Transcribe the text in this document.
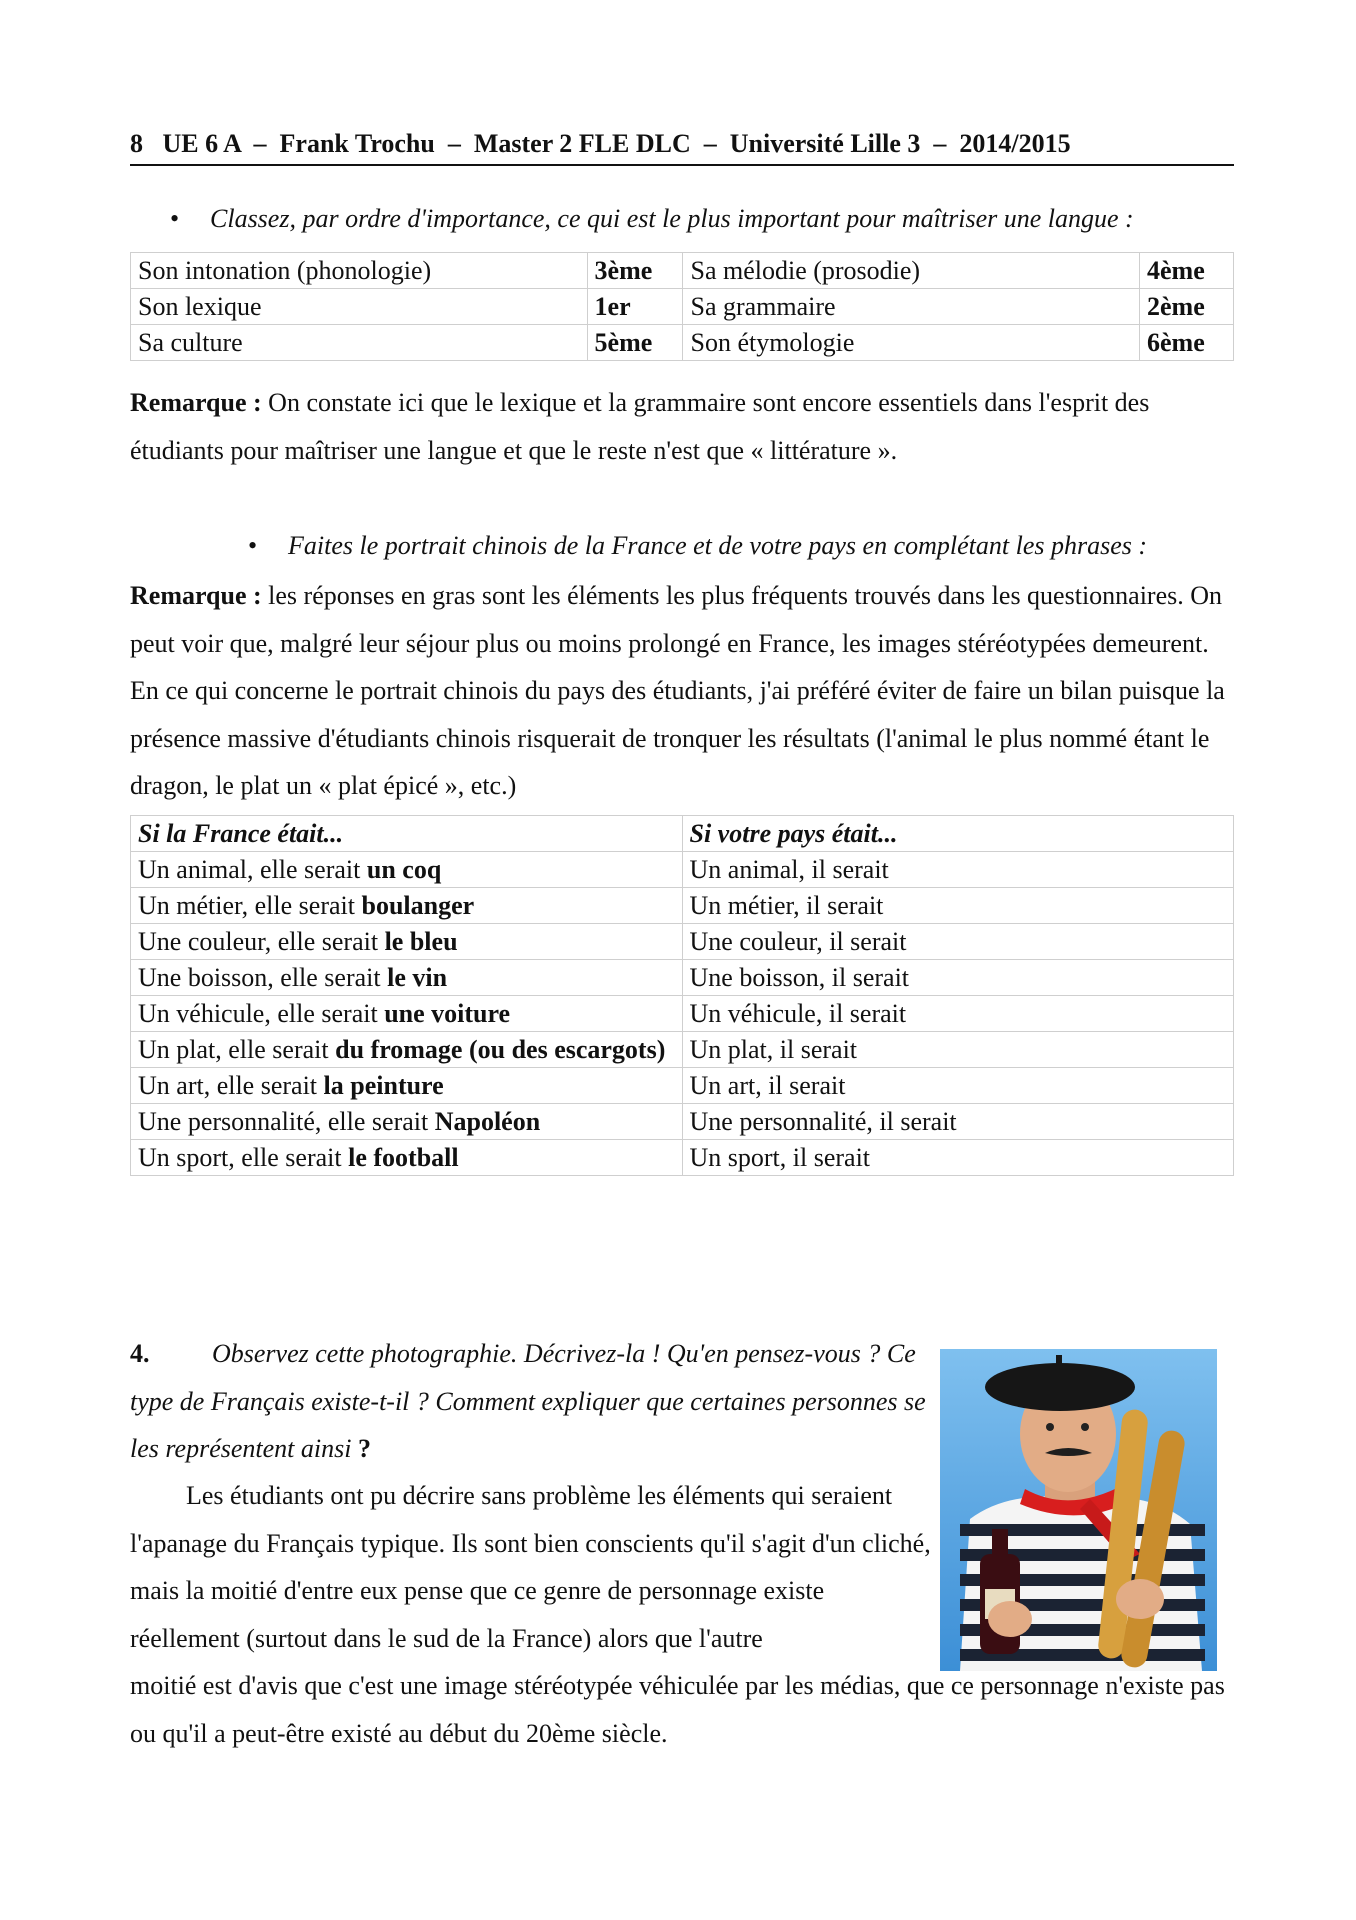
8 UE 6 A – Frank Trochu – Master 2 FLE DLC – Université Lille 3 – 2014/2015
• Classez, par ordre d'importance, ce qui est le plus important pour maîtriser une langue :
Son intonation (phonologie)	3ème	Sa mélodie (prosodie)	4ème
Son lexique	1er	Sa grammaire	2ème
Sa culture	5ème	Son étymologie	6ème
Remarque : On constate ici que le lexique et la grammaire sont encore essentiels dans l'esprit des étudiants pour maîtriser une langue et que le reste n'est que « littérature ».
• Faites le portrait chinois de la France et de votre pays en complétant les phrases :
Remarque : les réponses en gras sont les éléments les plus fréquents trouvés dans les questionnaires. On peut voir que, malgré leur séjour plus ou moins prolongé en France, les images stéréotypées demeurent. En ce qui concerne le portrait chinois du pays des étudiants, j'ai préféré éviter de faire un bilan puisque la présence massive d'étudiants chinois risquerait de tronquer les résultats (l'animal le plus nommé étant le dragon, le plat un « plat épicé », etc.)
Si la France était...	Si votre pays était...
Un animal, elle serait un coq	Un animal, il serait
Un métier, elle serait boulanger	Un métier, il serait
Une couleur, elle serait le bleu	Une couleur, il serait
Une boisson, elle serait le vin	Une boisson, il serait
Un véhicule, elle serait une voiture	Un véhicule, il serait
Un plat, elle serait du fromage (ou des escargots)	Un plat, il serait
Un art, elle serait la peinture	Un art, il serait
Une personnalité, elle serait Napoléon	Une personnalité, il serait
Un sport, elle serait le football	Un sport, il serait
4. Observez cette photographie. Décrivez-la ! Qu'en pensez-vous ? Ce type de Français existe-t-il ? Comment expliquer que certaines personnes se les représentent ainsi ?
Les étudiants ont pu décrire sans problème les éléments qui seraient l'apanage du Français typique. Ils sont bien conscients qu'il s'agit d'un cliché, mais la moitié d'entre eux pense que ce genre de personnage existe réellement (surtout dans le sud de la France) alors que l'autre
moitié est d'avis que c'est une image stéréotypée véhiculée par les médias, que ce personnage n'existe pas ou qu'il a peut-être existé au début du 20ème siècle.
